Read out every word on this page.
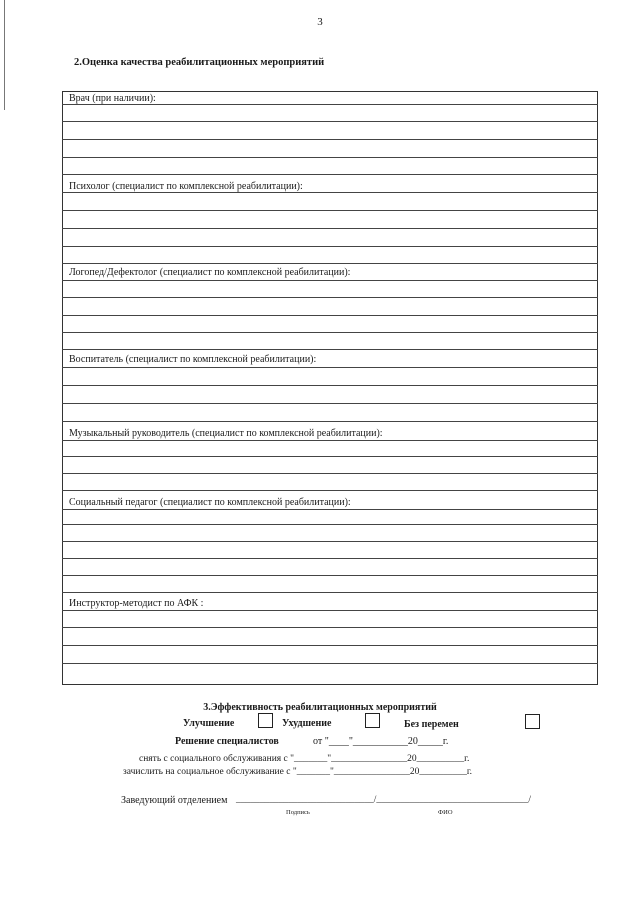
3
2.Оценка качества реабилитационных мероприятий
Врач (при наличии):
Психолог (специалист по комплексной реабилитации):
Логопед/Дефектолог (специалист по комплексной реабилитации):
Воспитатель (специалист по комплексной реабилитации):
Музыкальный руководитель (специалист по комплексной реабилитации):
Социальный педагог (специалист по комплексной реабилитации):
Инструктор-методист по АФК :
3.Эффективность реабилитационных мероприятий
Улучшение	Ухудшение	Без перемен
Решение специалистов	от "____"___________20_____г.
снять с социального обслуживания с "_______"________________20__________г.
зачислить на социальное обслуживание с "_______"________________20__________г.
Заведующий отделением _____________________________/________________________________/
Подпись	ФИО
